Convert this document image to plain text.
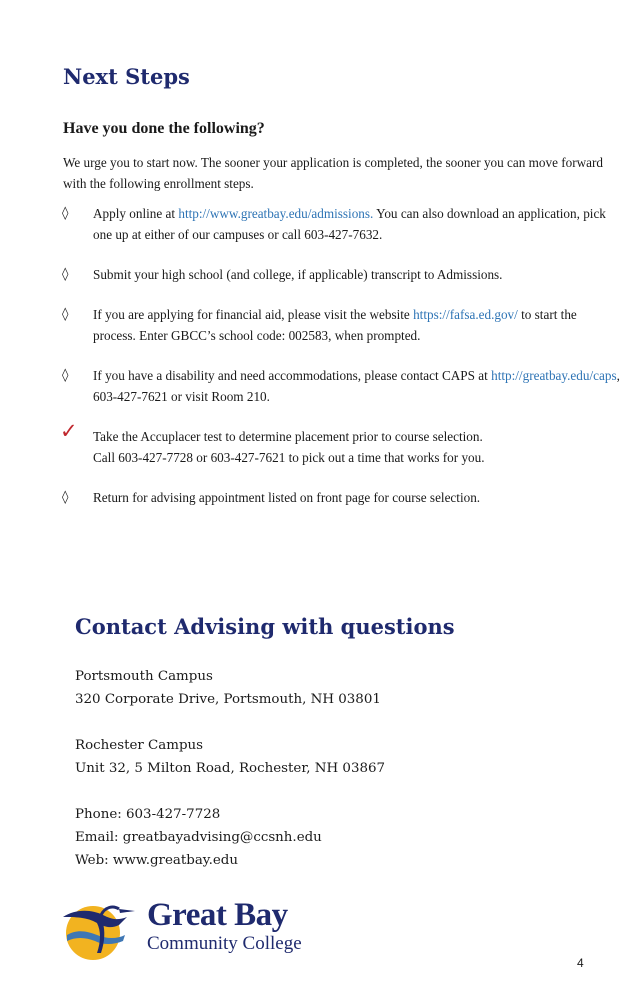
Next Steps
Have you done the following?
We urge you to start now. The sooner your application is completed, the sooner you can move forward with the following enrollment steps.
◊	Apply online at http://www.greatbay.edu/admissions. You can also download an application, pick one up at either of our campuses or call 603-427-7632.
◊	Submit your high school (and college, if applicable) transcript to Admissions.
◊	If you are applying for financial aid, please visit the website https://fafsa.ed.gov/ to start the process. Enter GBCC’s school code: 002583, when prompted.
◊	If you have a disability and need accommodations, please contact CAPS at http://greatbay.edu/caps, 603-427-7621 or visit Room 210.
✓ Take the Accuplacer test to determine placement prior to course selection.
Call 603-427-7728 or 603-427-7621 to pick out a time that works for you.
◊	Return for advising appointment listed on front page for course selection.
Contact Advising with questions
Portsmouth Campus
320 Corporate Drive, Portsmouth, NH 03801
Rochester Campus
Unit 32, 5 Milton Road, Rochester, NH 03867
Phone: 603-427-7728
Email: greatbayadvising@ccsnh.edu
Web: www.greatbay.edu
Great Bay
Community College
4
